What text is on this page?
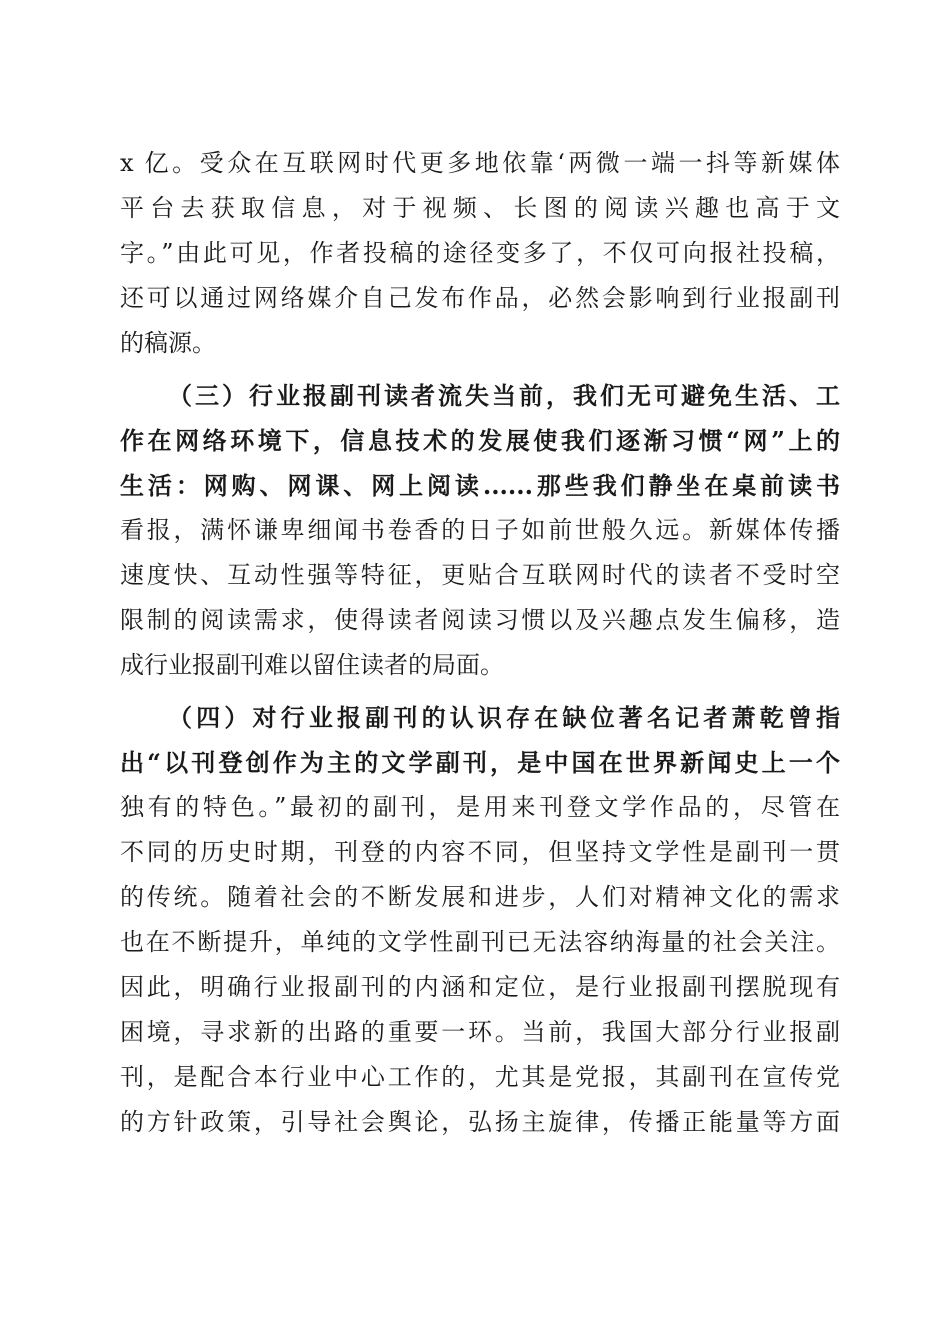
x 亿。受众在互联网时代更多地依靠‘两微一端一抖等新媒体
平台去获取信息，对于视频、长图的阅读兴趣也高于文
字。”由此可见，作者投稿的途径变多了，不仅可向报社投稿，
还可以通过网络媒介自己发布作品，必然会影响到行业报副刊
的稿源。
（三）行业报副刊读者流失当前，我们无可避免生活、工
作在网络环境下，信息技术的发展使我们逐渐习惯“网”上的
生活：网购、网课、网上阅读......那些我们静坐在桌前读书
看报，满怀谦卑细闻书卷香的日子如前世般久远。新媒体传播
速度快、互动性强等特征，更贴合互联网时代的读者不受时空
限制的阅读需求，使得读者阅读习惯以及兴趣点发生偏移，造
成行业报副刊难以留住读者的局面。
（四）对行业报副刊的认识存在缺位著名记者萧乾曾指
出“以刊登创作为主的文学副刊，是中国在世界新闻史上一个
独有的特色。”最初的副刊，是用来刊登文学作品的，尽管在
不同的历史时期，刊登的内容不同，但坚持文学性是副刊一贯
的传统。随着社会的不断发展和进步，人们对精神文化的需求
也在不断提升，单纯的文学性副刊已无法容纳海量的社会关注。
因此，明确行业报副刊的内涵和定位，是行业报副刊摆脱现有
困境，寻求新的出路的重要一环。当前，我国大部分行业报副
刊，是配合本行业中心工作的，尤其是党报，其副刊在宣传党
的方针政策，引导社会舆论，弘扬主旋律，传播正能量等方面
